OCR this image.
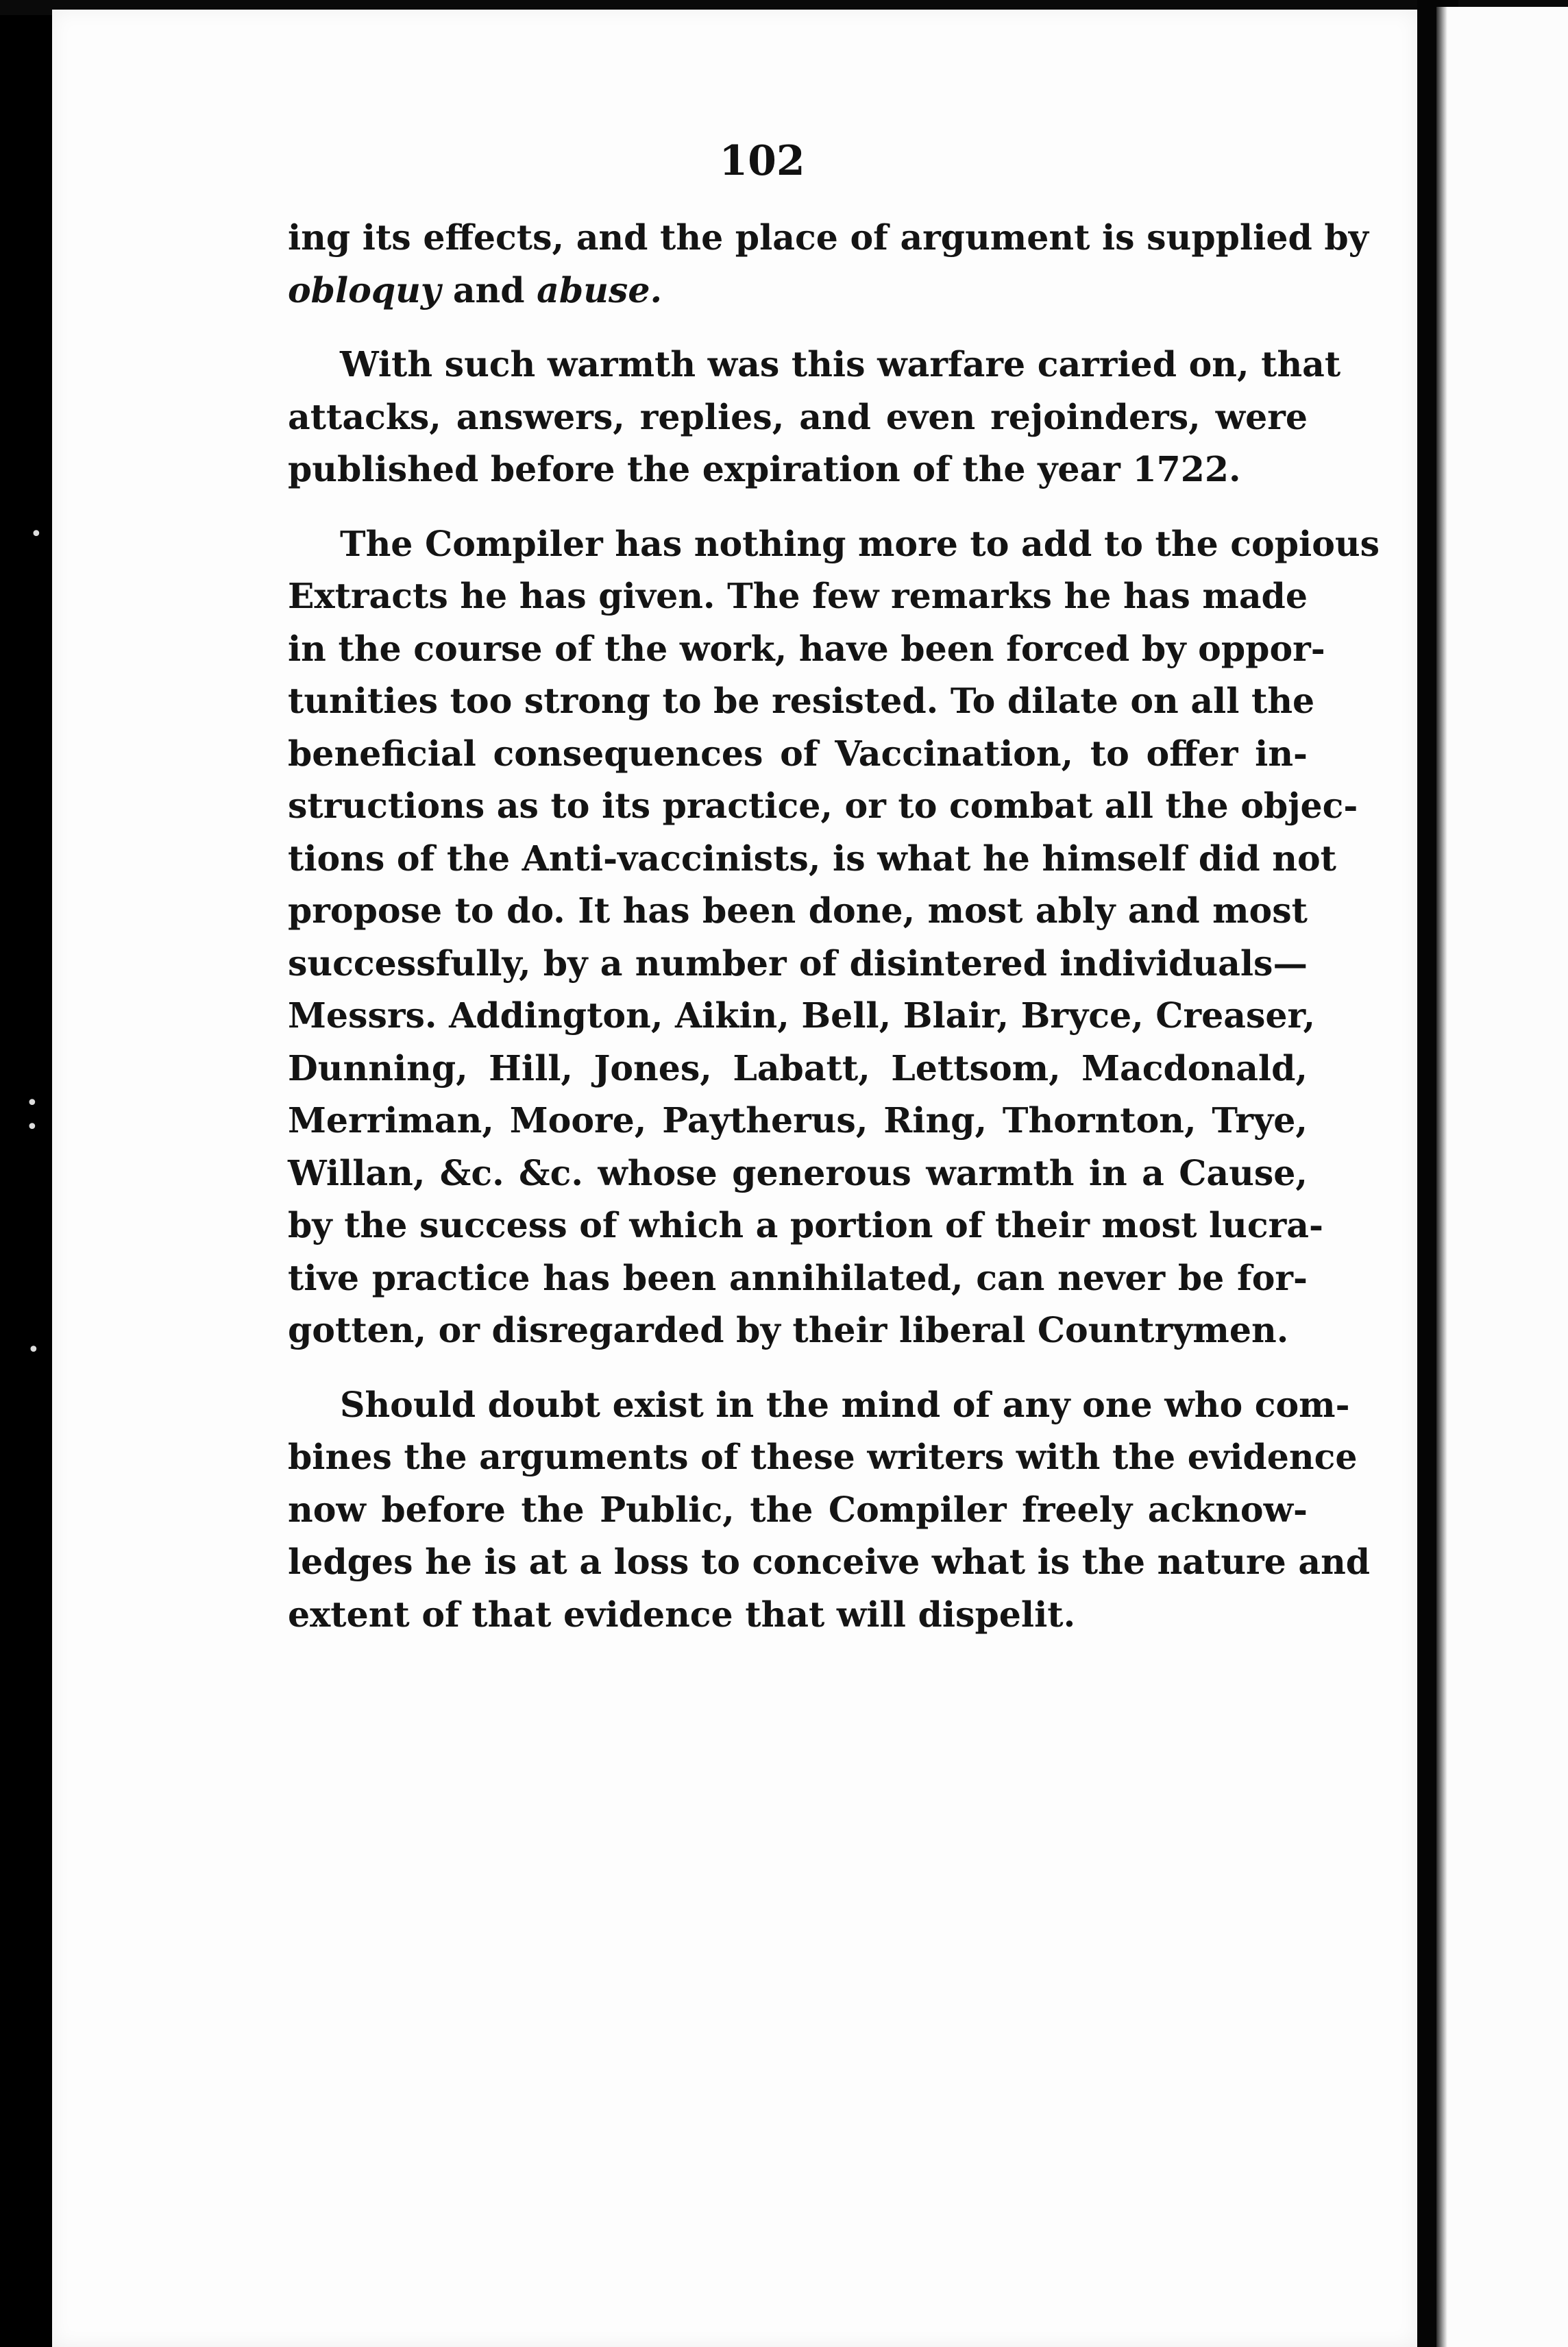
•
• •
•
102
ing its effects, and the place of argument is supplied by
obloquy and abuse.
With such warmth was this warfare carried on, that
attacks, answers, replies, and even rejoinders, were
published before the expiration of the year 1722.
The Compiler has nothing more to add to the copious
Extracts he has given. The few remarks he has made
in the course of the work, have been forced by oppor-
tunities too strong to be resisted. To dilate on all the
beneficial consequences of Vaccination, to offer in-
structions as to its practice, or to combat all the objec-
tions of the Anti-vaccinists, is what he himself did not
propose to do. It has been done, most ably and most
successfully, by a number of disintered individuals—
Messrs. Addington, Aikin, Bell, Blair, Bryce, Creaser,
Dunning, Hill, Jones, Labatt, Lettsom, Macdonald,
Merriman, Moore, Paytherus, Ring, Thornton, Trye,
Willan, &c. &c. whose generous warmth in a Cause,
by the success of which a portion of their most lucra-
tive practice has been annihilated, can never be for-
gotten, or disregarded by their liberal Countrymen.
Should doubt exist in the mind of any one who com-
bines the arguments of these writers with the evidence
now before the Public, the Compiler freely acknow-
ledges he is at a loss to conceive what is the nature and
extent of that evidence that will dispelit.
